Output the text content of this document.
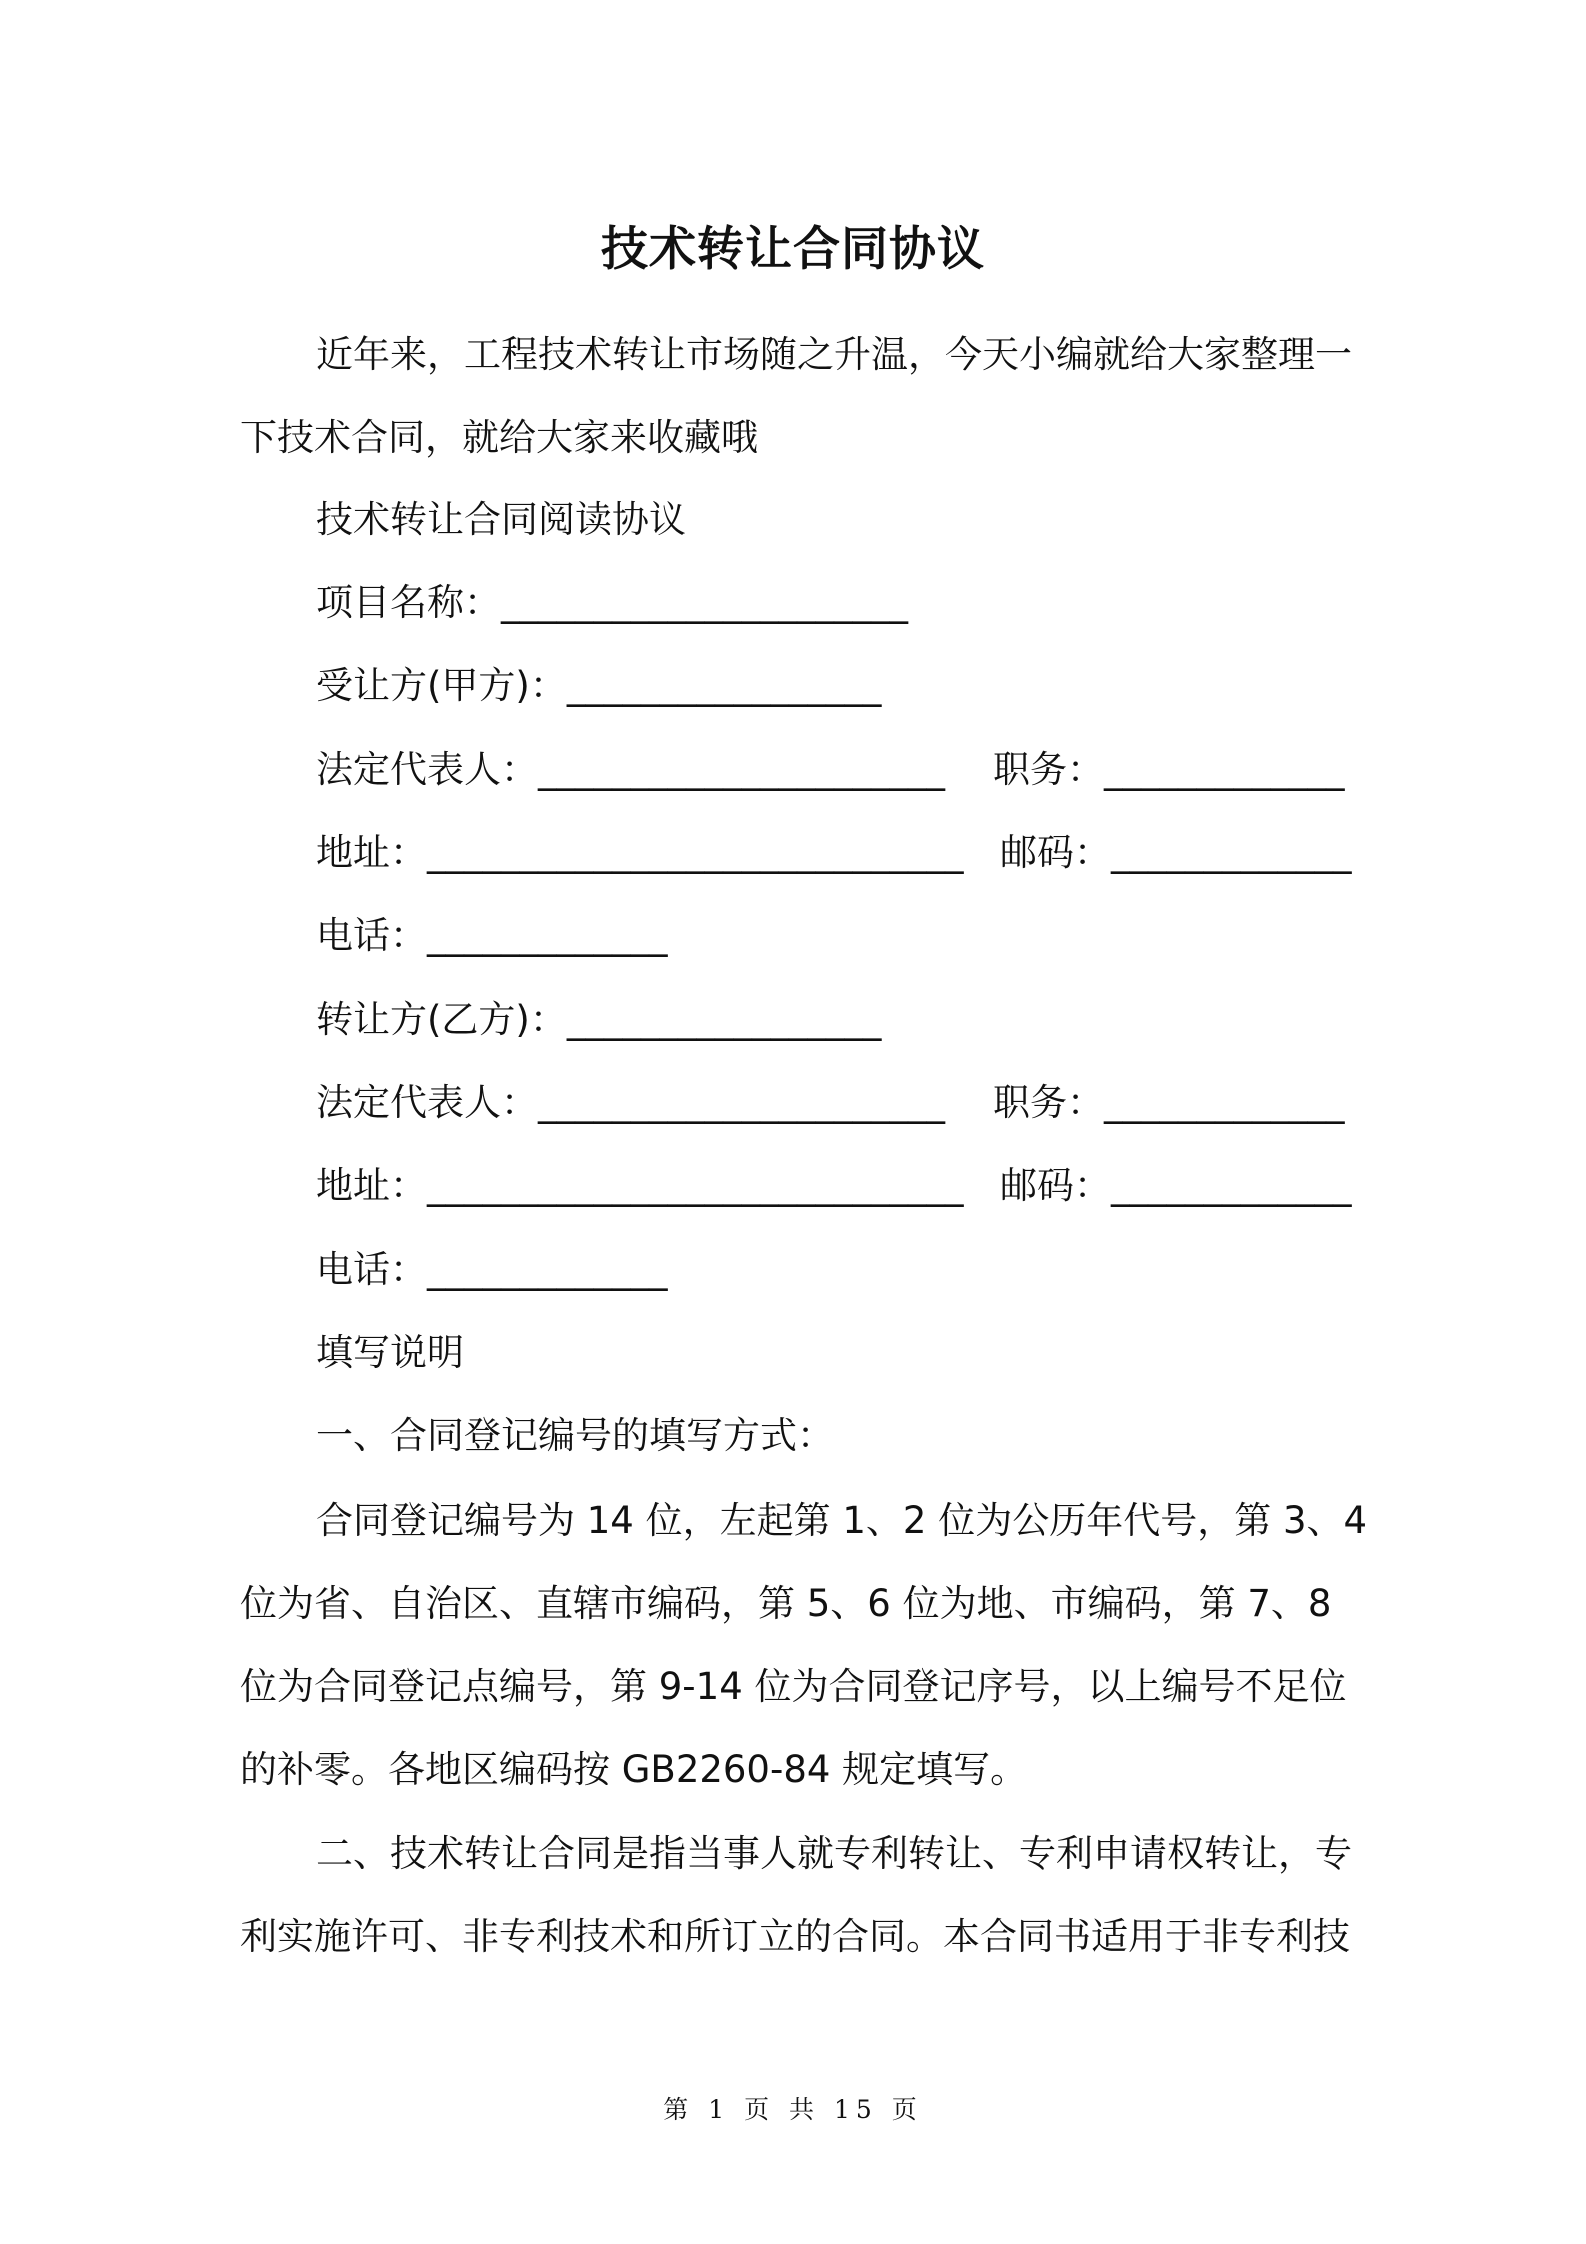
技术转让合同协议
近年来，工程技术转让市场随之升温，今天小编就给大家整理一
下技术合同，就给大家来收藏哦
技术转让合同阅读协议
项目名称：______________________
受让方(甲方)：_________________
法定代表人：______________________ 职务：_____________
地址：_____________________________ 邮码：_____________
电话：_____________
转让方(乙方)：_________________
法定代表人：______________________ 职务：_____________
地址：_____________________________ 邮码：_____________
电话：_____________
填写说明
一、合同登记编号的填写方式：
合同登记编号为 14 位，左起第 1、2 位为公历年代号，第 3、4
位为省、自治区、直辖市编码，第 5、6 位为地、市编码，第 7、8
位为合同登记点编号，第 9-14 位为合同登记序号，以上编号不足位
的补零。各地区编码按 GB2260-84 规定填写。
二、技术转让合同是指当事人就专利转让、专利申请权转让，专
利实施许可、非专利技术和所订立的合同。本合同书适用于非专利技
第 1 页 共 15 页
